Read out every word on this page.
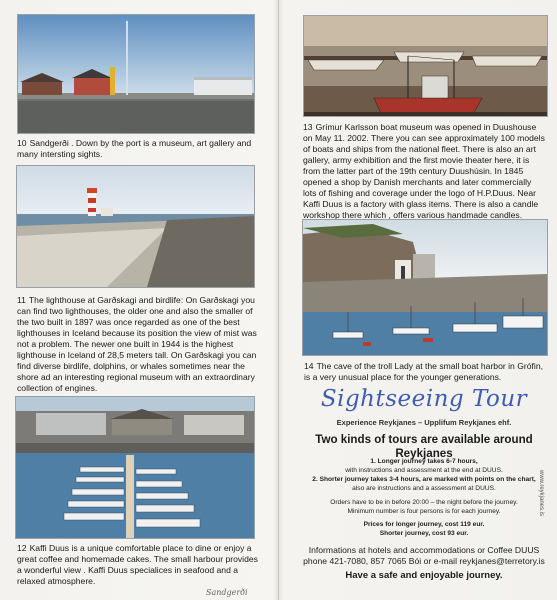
10 Sandgerði . Down by the port is a museum, art gallery and many intersting sights.
11 The lighthouse at Garðskagi and birdlife: On Garðskagi you can find two lighthouses, the older one and also the smaller of the two built in 1897 was once regarded as one of the best lighthouses in Iceland because its position the view of mist was not a problem. The newer one built in 1944 is the highest lighthouse in Iceland of 28,5 meters tall. On Garðskagi you can find diverse birdlife, dolphins, or whales sometimes near the shore ad an interesting regional museum with an extraordinary collection of engines.
12 Kaffi Duus is a unique comfortable place to dine or enjoy a great coffee and homemade cakes. The small harbour provides a wonderful view . Kaffi Duus specialices in seafood and a relaxed atmosphere.
Sandgerði
13 Grímur Karlsson boat museum was opened in Duushouse on May 11. 2002. There you can see approximately 100 models of boats and ships from the national fleet. There is also an art gallery, army exhibition and the first movie theater here, it is from the latter part of the 19th century Duushúsin. In 1845 opened a shop by Danish merchants and later commercially lots of fishing and coverage under the logo of H.P.Duus. Near Kaffi Duus is a factory with glass items. There is also a candle workshop there which , offers various handmade candles.
14 The cave of the troll Lady at the small boat harbor in Grófin, is a very unusual place for the younger generations.
Sightseeing Tour
Experience Reykjanes – Upplifum Reykjanes ehf.
Two kinds of tours are available around Reykjanes
1. Longer journey takes 6-7 hours,
with instructions and assessment at the end at DUUS.
2. Shorter journey takes 3-4 hours, are marked with points on the chart,
also are instructions and a assessment at DUUS.
Orders have to be in before 20:00 – the night before the journey.
Minimum number is four persons is for each journey.
Prices for longer journey, cost 119 eur.
Shorter journey, cost 93 eur.
Informations at hotels and accommodations or Coffee DUUS
phone 421-7080, 857 7065 Bói or e-mail reykjanes@terretory.is
Have a safe and enjoyable journey.
www.reykjanes.is
